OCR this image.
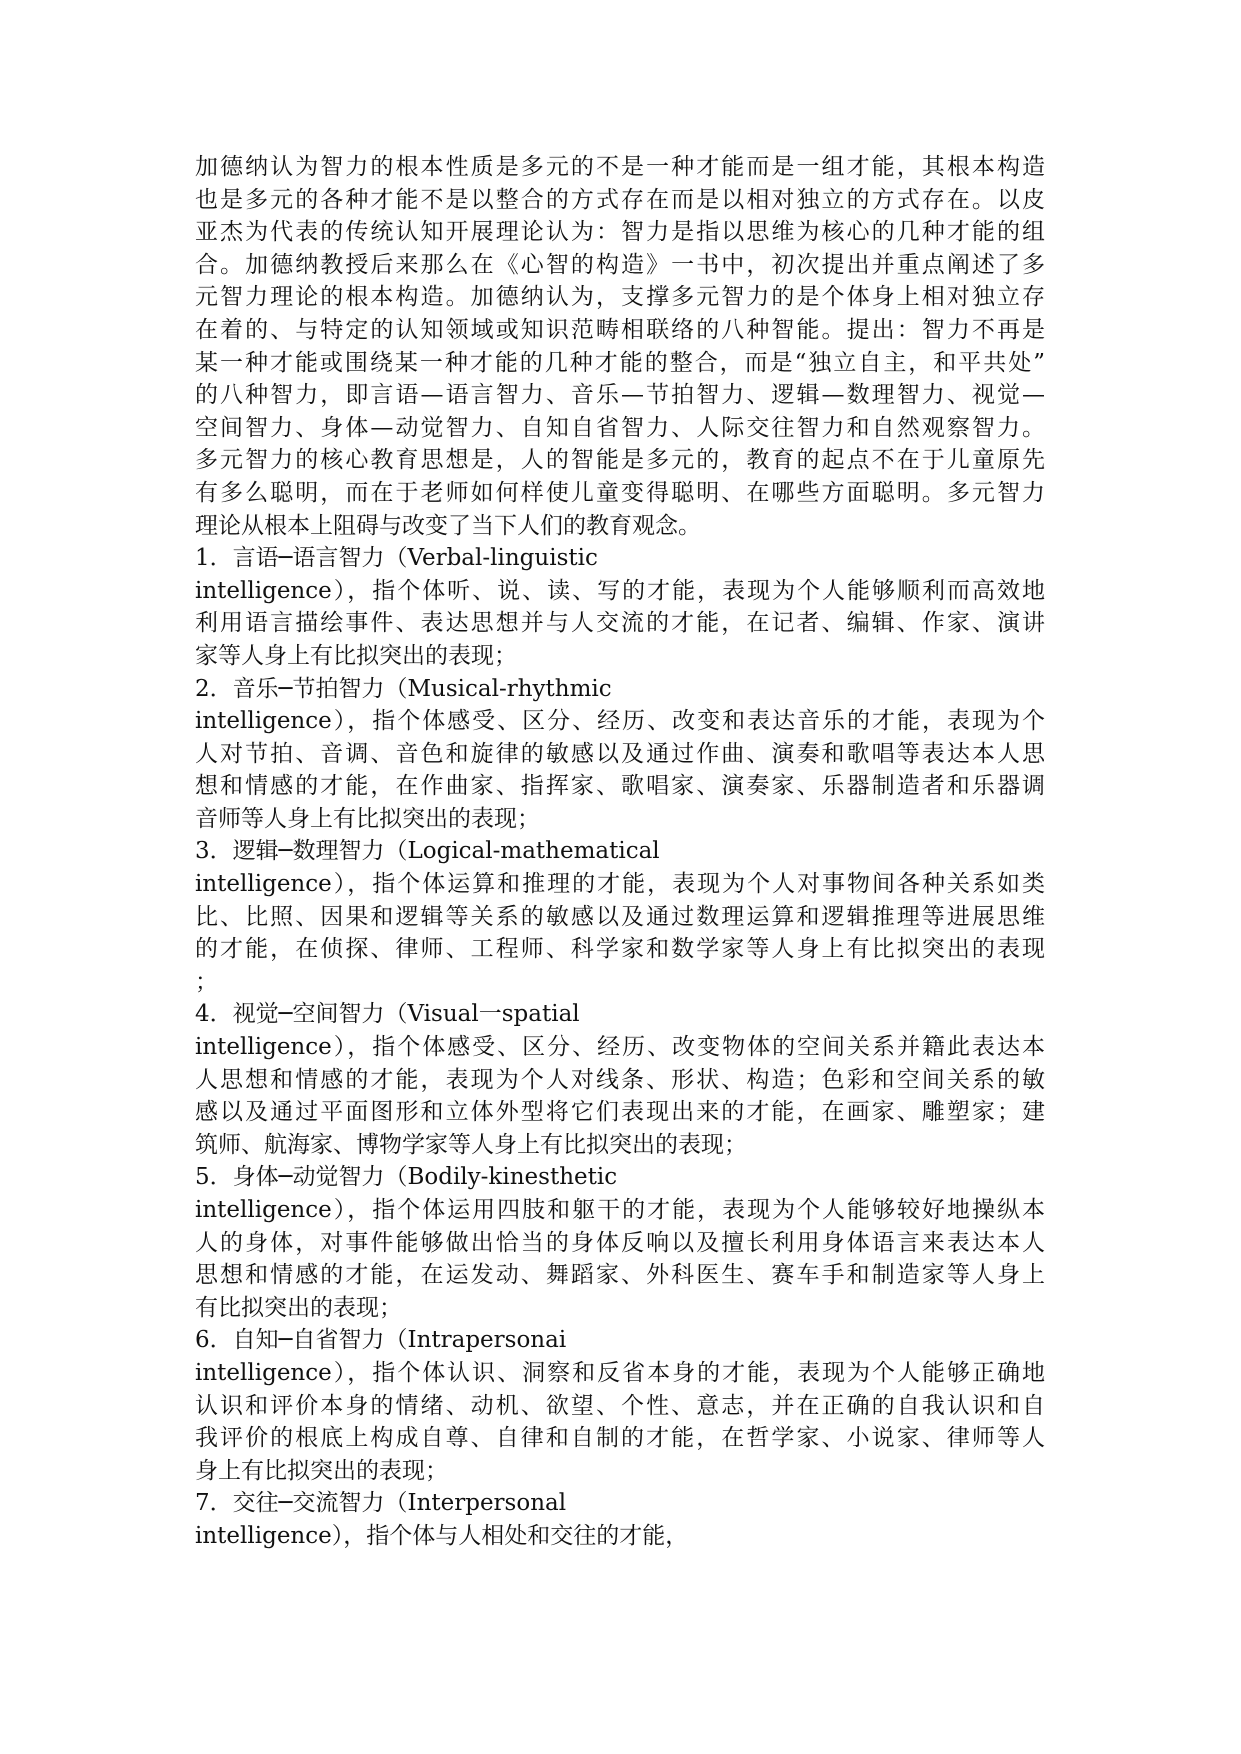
加德纳认为智力的根本性质是多元的不是一种才能而是一组才能，其根本构造
也是多元的各种才能不是以整合的方式存在而是以相对独立的方式存在。以皮
亚杰为代表的传统认知开展理论认为：智力是指以思维为核心的几种才能的组
合。加德纳教授后来那么在《心智的构造》一书中，初次提出并重点阐述了多
元智力理论的根本构造。加德纳认为，支撑多元智力的是个体身上相对独立存
在着的、与特定的认知领域或知识范畴相联络的八种智能。提出：智力不再是
某一种才能或围绕某一种才能的几种才能的整合，而是“独立自主，和平共处”
的八种智力，即言语—语言智力、音乐—节拍智力、逻辑—数理智力、视觉—
空间智力、身体—动觉智力、自知自省智力、人际交往智力和自然观察智力。
多元智力的核心教育思想是，人的智能是多元的，教育的起点不在于儿童原先
有多么聪明，而在于老师如何样使儿童变得聪明、在哪些方面聪明。多元智力
理论从根本上阻碍与改变了当下人们的教育观念。
1．言语─语言智力（Verbal-linguistic
intelligence），指个体听、说、读、写的才能，表现为个人能够顺利而高效地
利用语言描绘事件、表达思想并与人交流的才能，在记者、编辑、作家、演讲
家等人身上有比拟突出的表现；
2．音乐─节拍智力（Musical-rhythmic
intelligence），指个体感受、区分、经历、改变和表达音乐的才能，表现为个
人对节拍、音调、音色和旋律的敏感以及通过作曲、演奏和歌唱等表达本人思
想和情感的才能，在作曲家、指挥家、歌唱家、演奏家、乐器制造者和乐器调
音师等人身上有比拟突出的表现；
3．逻辑─数理智力（Logical-mathematical
intelligence），指个体运算和推理的才能，表现为个人对事物间各种关系如类
比、比照、因果和逻辑等关系的敏感以及通过数理运算和逻辑推理等进展思维
的才能，在侦探、律师、工程师、科学家和数学家等人身上有比拟突出的表现
；
4．视觉─空间智力（Visual一spatial
intelligence），指个体感受、区分、经历、改变物体的空间关系并籍此表达本
人思想和情感的才能，表现为个人对线条、形状、构造；色彩和空间关系的敏
感以及通过平面图形和立体外型将它们表现出来的才能，在画家、雕塑家；建
筑师、航海家、博物学家等人身上有比拟突出的表现；
5．身体─动觉智力（Bodily-kinesthetic
intelligence），指个体运用四肢和躯干的才能，表现为个人能够较好地操纵本
人的身体，对事件能够做出恰当的身体反响以及擅长利用身体语言来表达本人
思想和情感的才能，在运发动、舞蹈家、外科医生、赛车手和制造家等人身上
有比拟突出的表现；
6．自知─自省智力（Intrapersonai
intelligence），指个体认识、洞察和反省本身的才能，表现为个人能够正确地
认识和评价本身的情绪、动机、欲望、个性、意志，并在正确的自我认识和自
我评价的根底上构成自尊、自律和自制的才能，在哲学家、小说家、律师等人
身上有比拟突出的表现；
7．交往─交流智力（Interpersonal
intelligence），指个体与人相处和交往的才能，
